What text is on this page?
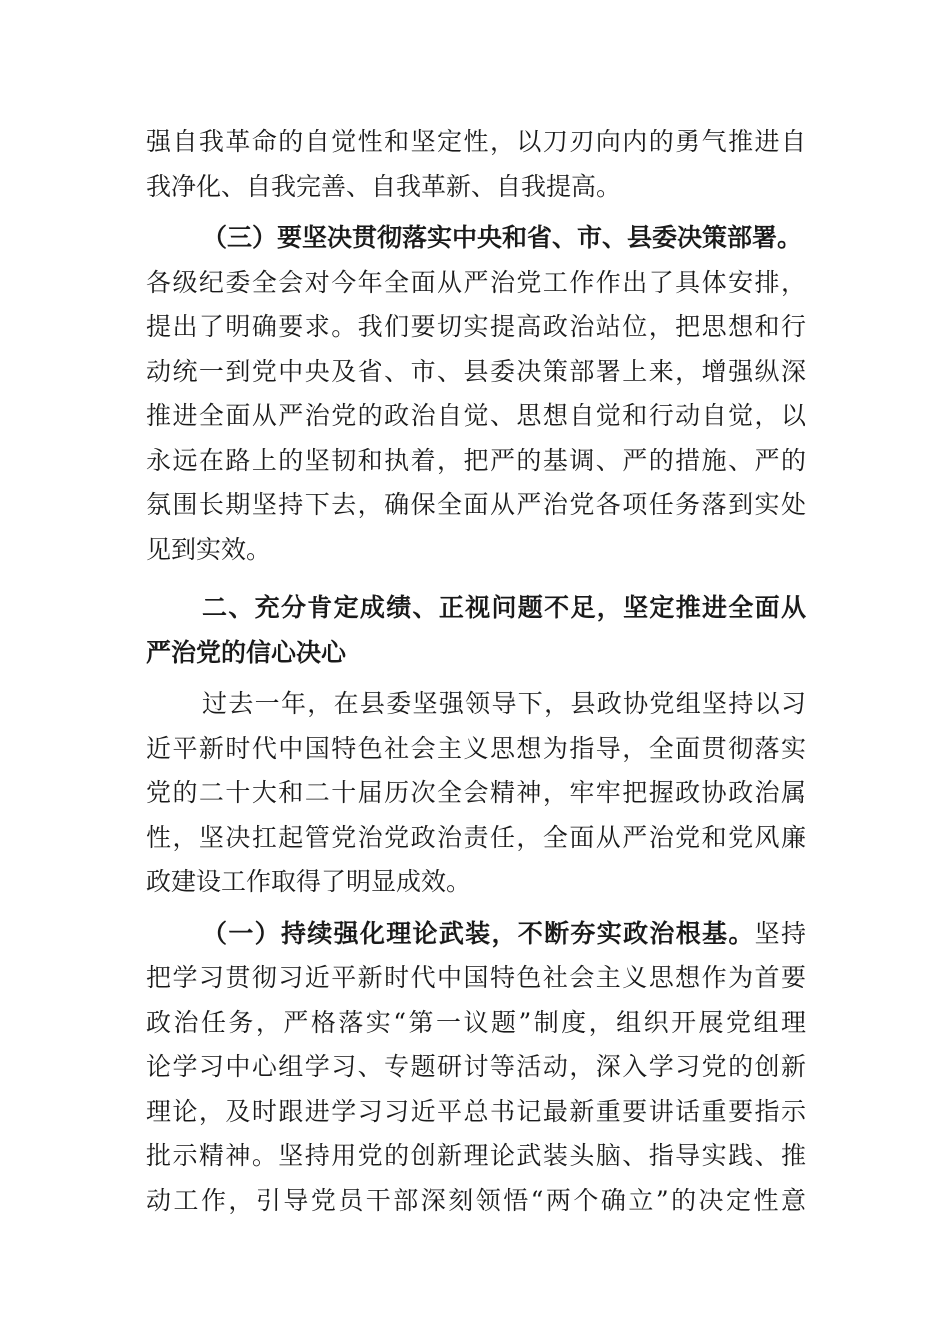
强自我革命的自觉性和坚定性，以刀刃向内的勇气推进自
我净化、自我完善、自我革新、自我提高。
（三）要坚决贯彻落实中央和省、市、县委决策部署。
各级纪委全会对今年全面从严治党工作作出了具体安排，
提出了明确要求。我们要切实提高政治站位，把思想和行
动统一到党中央及省、市、县委决策部署上来，增强纵深
推进全面从严治党的政治自觉、思想自觉和行动自觉，以
永远在路上的坚韧和执着，把严的基调、严的措施、严的
氛围长期坚持下去，确保全面从严治党各项任务落到实处
见到实效。
二、充分肯定成绩、正视问题不足，坚定推进全面从
严治党的信心决心
过去一年，在县委坚强领导下，县政协党组坚持以习
近平新时代中国特色社会主义思想为指导，全面贯彻落实
党的二十大和二十届历次全会精神，牢牢把握政协政治属
性，坚决扛起管党治党政治责任，全面从严治党和党风廉
政建设工作取得了明显成效。
（一）持续强化理论武装，不断夯实政治根基。坚持
把学习贯彻习近平新时代中国特色社会主义思想作为首要
政治任务，严格落实“第一议题”制度，组织开展党组理
论学习中心组学习、专题研讨等活动，深入学习党的创新
理论，及时跟进学习习近平总书记最新重要讲话重要指示
批示精神。坚持用党的创新理论武装头脑、指导实践、推
动工作，引导党员干部深刻领悟“两个确立”的决定性意
